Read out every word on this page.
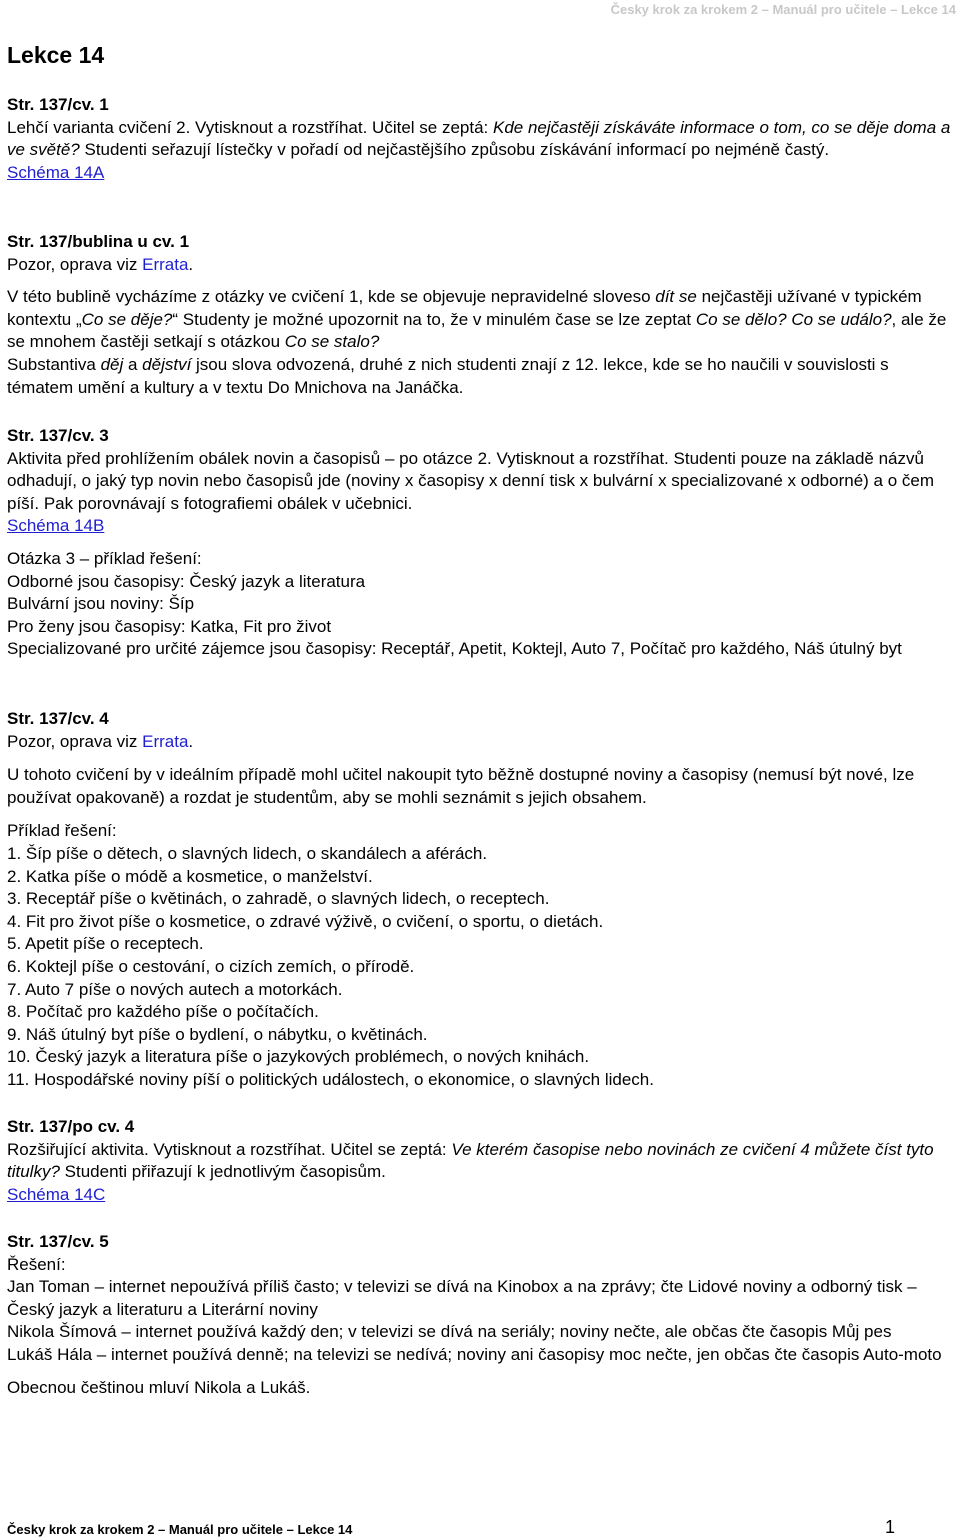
Česky krok za krokem 2 – Manuál pro učitele – Lekce 14
Lekce 14

Str. 137/cv. 1

Lehčí varianta cvičení 2. Vytisknout a rozstříhat. Učitel se zeptá: Kde nejčastěji získáváte informace o tom, co se děje doma a ve světě? Studenti seřazují lístečky v pořadí od nejčastějšího způsobu získávání informací po nejméně častý.

Schéma 14A

Str. 137/bublina u cv. 1

Pozor, oprava viz Errata.

V této bublině vycházíme z otázky ve cvičení 1, kde se objevuje nepravidelné sloveso dít se nejčastěji užívané v typickém kontextu „Co se děje?“ Studenty je možné upozornit na to, že v minulém čase se lze zeptat Co se dělo? Co se událo?, ale že se mnohem častěji setkají s otázkou Co se stalo?

Substantiva děj a dějství jsou slova odvozená, druhé z nich studenti znají z 12. lekce, kde se ho naučili v souvislosti s tématem umění a kultury a v textu Do Mnichova na Janáčka.

Str. 137/cv. 3

Aktivita před prohlížením obálek novin a časopisů – po otázce 2. Vytisknout a rozstříhat. Studenti pouze na základě názvů odhadují, o jaký typ novin nebo časopisů jde (noviny x časopisy x denní tisk x bulvární x specializované x odborné) a o čem píší. Pak porovnávají s fotografiemi obálek v učebnici.

Schéma 14B

Otázka 3 – příklad řešení:

Odborné jsou časopisy: Český jazyk a literatura

Bulvární jsou noviny: Šíp

Pro ženy jsou časopisy: Katka, Fit pro život

Specializované pro určité zájemce jsou časopisy: Receptář, Apetit, Koktejl, Auto 7, Počítač pro každého, Náš útulný byt

Str. 137/cv. 4

Pozor, oprava viz Errata.

U tohoto cvičení by v ideálním případě mohl učitel nakoupit tyto běžně dostupné noviny a časopisy (nemusí být nové, lze používat opakovaně) a rozdat je studentům, aby se mohli seznámit s jejich obsahem.

Příklad řešení:

1. Šíp píše o dětech, o slavných lidech, o skandálech a aférách.

2. Katka píše o módě a kosmetice, o manželství.

3. Receptář píše o květinách, o zahradě, o slavných lidech, o receptech.

4. Fit pro život píše o kosmetice, o zdravé výživě, o cvičení, o sportu, o dietách.

5. Apetit píše o receptech.

6. Koktejl píše o cestování, o cizích zemích, o přírodě.

7. Auto 7 píše o nových autech a motorkách.

8. Počítač pro každého píše o počítačích.

9. Náš útulný byt píše o bydlení, o nábytku, o květinách.

10. Český jazyk a literatura píše o jazykových problémech, o nových knihách.

11. Hospodářské noviny píší o politických událostech, o ekonomice, o slavných lidech.

Str. 137/po cv. 4

Rozšiřující aktivita. Vytisknout a rozstříhat. Učitel se zeptá: Ve kterém časopise nebo novinách ze cvičení 4 můžete číst tyto titulky? Studenti přiřazují k jednotlivým časopisům.

Schéma 14C

Str. 137/cv. 5

Řešení:

Jan Toman – internet nepoužívá příliš často; v televizi se dívá na Kinobox a na zprávy; čte Lidové noviny a odborný tisk – Český jazyk a literaturu a Literární noviny

Nikola Šímová – internet používá každý den; v televizi se dívá na seriály; noviny nečte, ale občas čte časopis Můj pes

Lukáš Hála – internet používá denně; na televizi se nedívá; noviny ani časopisy moc nečte, jen občas čte časopis Auto-moto

Obecnou češtinou mluví Nikola a Lukáš.

Česky krok za krokem 2 – Manuál pro učitele – Lekce 14	1
